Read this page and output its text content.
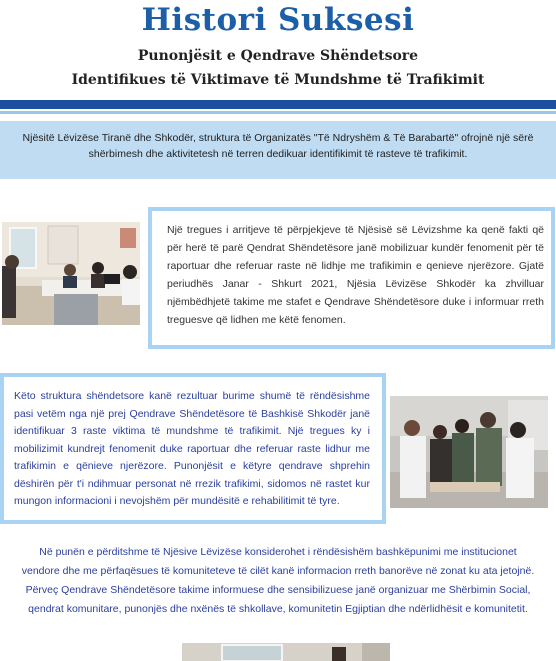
Histori Suksesi
Punonjësit e Qendrave Shëndetsore
Identifikues të Viktimave të Mundshme të Trafikimit
Njësitë Lëvizëse Tiranë dhe Shkodër, struktura të Organizatës "Të Ndryshëm & Të Barabartë" ofrojnë një sërë shërbimesh dhe aktivitetesh në terren dedikuar identifikimit të rasteve të trafikimit.
Një tregues i arritjeve të përpjekjeve të Njësisë së Lëvizshme ka qenë fakti që për herë të parë Qendrat Shëndetësore janë mobilizuar kundër fenomenit për të raportuar dhe referuar raste në lidhje me trafikimin e qenieve njerëzore. Gjatë periudhës Janar - Shkurt 2021, Njësia Lëvizëse Shkodër ka zhvilluar njëmbëdhjetë takime me stafet e Qendrave Shëndetësore duke i informuar rreth treguesve që lidhen me këtë fenomen.
Këto struktura shëndetsore kanë rezultuar burime shumë të rëndësishme pasi vetëm nga një prej Qendrave Shëndetësore të Bashkisë Shkodër janë identifikuar 3 raste viktima të mundshme të trafikimit. Një tregues ky i mobilizimit kundrejt fenomenit duke raportuar dhe referuar raste lidhur me trafikimin e qënieve njerëzore. Punonjësit e këtyre qendrave shprehin dëshirën për t'i ndihmuar personat në rrezik trafikimi, sidomos në rastet kur mungon informacioni i nevojshëm për mundësitë e rehabilitimit të tyre.
Në punën e përditshme të Njësive Lëvizëse konsiderohet i rëndësishëm bashkëpunimi me institucionet vendore dhe me përfaqësues të komuniteteve të cilët kanë informacion rreth banorëve në zonat ku ata jetojnë. Përveç Qendrave Shëndetësore takime informuese dhe sensibilizuese janë organizuar me Shërbimin Social, qendrat komunitare, punonjës dhe nxënës të shkollave, komunitetin Egjiptian dhe ndërlidhësit e komunitetit.
